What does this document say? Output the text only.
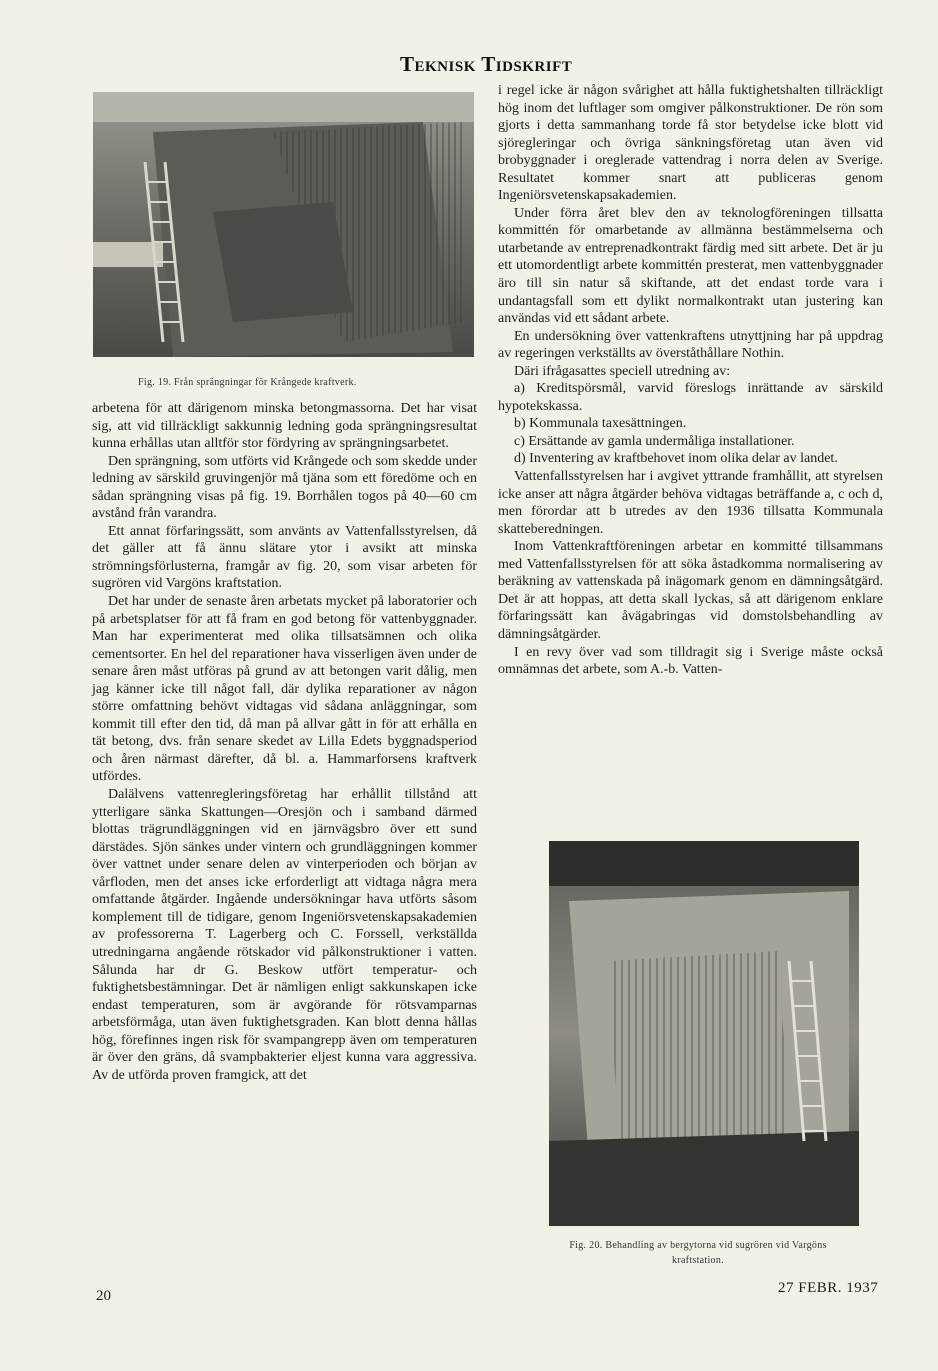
Teknisk Tidskrift
Fig. 19. Från sprängningar för Krångede kraftverk.

arbetena för att därigenom minska betongmassorna. Det har visat sig, att vid tillräckligt sakkunnig ledning goda sprängningsresultat kunna erhållas utan alltför stor fördyring av sprängningsarbetet.

Den sprängning, som utförts vid Krångede och som skedde under ledning av särskild gruvingenjör må tjäna som ett föredöme och en sådan sprängning visas på fig. 19. Borrhålen togos på 40—60 cm avstånd från varandra.

Ett annat förfaringssätt, som använts av Vattenfallsstyrelsen, då det gäller att få ännu slätare ytor i avsikt att minska strömningsförlusterna, framgår av fig. 20, som visar arbeten för sugrören vid Vargöns kraftstation.

Det har under de senaste åren arbetats mycket på laboratorier och på arbetsplatser för att få fram en god betong för vattenbyggnader. Man har experimenterat med olika tillsatsämnen och olika cementsorter. En hel del reparationer hava visserligen även under de senare åren måst utföras på grund av att betongen varit dålig, men jag känner icke till något fall, där dylika reparationer av någon större omfattning behövt vidtagas vid sådana anläggningar, som kommit till efter den tid, då man på allvar gått in för att erhålla en tät betong, dvs. från senare skedet av Lilla Edets byggnadsperiod och åren närmast därefter, då bl. a. Hammarforsens kraftverk utfördes.

Dalälvens vattenregleringsföretag har erhållit tillstånd att ytterligare sänka Skattungen—Oresjön och i samband därmed blottas trägrundläggningen vid en järnvägsbro över ett sund därstädes. Sjön sänkes under vintern och grundläggningen kommer över vattnet under senare delen av vinterperioden och början av vårfloden, men det anses icke erforderligt att vidtaga några mera omfattande åtgärder. Ingående undersökningar hava utförts såsom komplement till de tidigare, genom Ingeniörsvetenskapsakademien av professorerna T. Lagerberg och C. Forssell, verkställda utredningarna angående rötskador vid pålkonstruktioner i vatten. Sålunda har dr G. Beskow utfört temperatur- och fuktighetsbestämningar. Det är nämligen enligt sakkunskapen icke endast temperaturen, som är avgörande för rötsvamparnas arbetsförmåga, utan även fuktighetsgraden. Kan blott denna hållas hög, förefinnes ingen risk för svampangrepp även om temperaturen är över den gräns, då svampbakterier eljest kunna vara aggressiva. Av de utförda proven framgick, att det

i regel icke är någon svårighet att hålla fuktighetshalten tillräckligt hög inom det luftlager som omgiver pålkonstruktioner. De rön som gjorts i detta sammanhang torde få stor betydelse icke blott vid sjöregleringar och övriga sänkningsföretag utan även vid brobyggnader i oreglerade vattendrag i norra delen av Sverige. Resultatet kommer snart att publiceras genom Ingeniörsvetenskapsakademien.

Under förra året blev den av teknologföreningen tillsatta kommittén för omarbetande av allmänna bestämmelserna och utarbetande av entreprenadkontrakt färdig med sitt arbete. Det är ju ett utomordentligt arbete kommittén presterat, men vattenbyggnader äro till sin natur så skiftande, att det endast torde vara i undantagsfall som ett dylikt normalkontrakt utan justering kan användas vid ett sådant arbete.

En undersökning över vattenkraftens utnyttjning har på uppdrag av regeringen verkställts av överståthållare Nothin.

Däri ifrågasattes speciell utredning av:

a) Kreditspörsmål, varvid föreslogs inrättande av särskild hypotekskassa.

b) Kommunala taxesättningen.

c) Ersättande av gamla undermåliga installationer.

d) Inventering av kraftbehovet inom olika delar av landet.

Vattenfallsstyrelsen har i avgivet yttrande framhållit, att styrelsen icke anser att några åtgärder behöva vidtagas beträffande a, c och d, men förordar att b utredes av den 1936 tillsatta Kommunala skatteberedningen.

Inom Vattenkraftföreningen arbetar en kommitté tillsammans med Vattenfallsstyrelsen för att söka åstadkomma normalisering av beräkning av vattenskada på inägomark genom en dämningsåtgärd. Det är att hoppas, att detta skall lyckas, så att därigenom enklare förfaringssätt kan åvägabringas vid domstolsbehandling av dämningsåtgärder.

I en revy över vad som tilldragit sig i Sverige måste också omnämnas det arbete, som A.-b. Vatten-

Fig. 20. Behandling av bergytorna vid sugrören vid Vargöns
kraftstation.
20	27 FEBR. 1937
